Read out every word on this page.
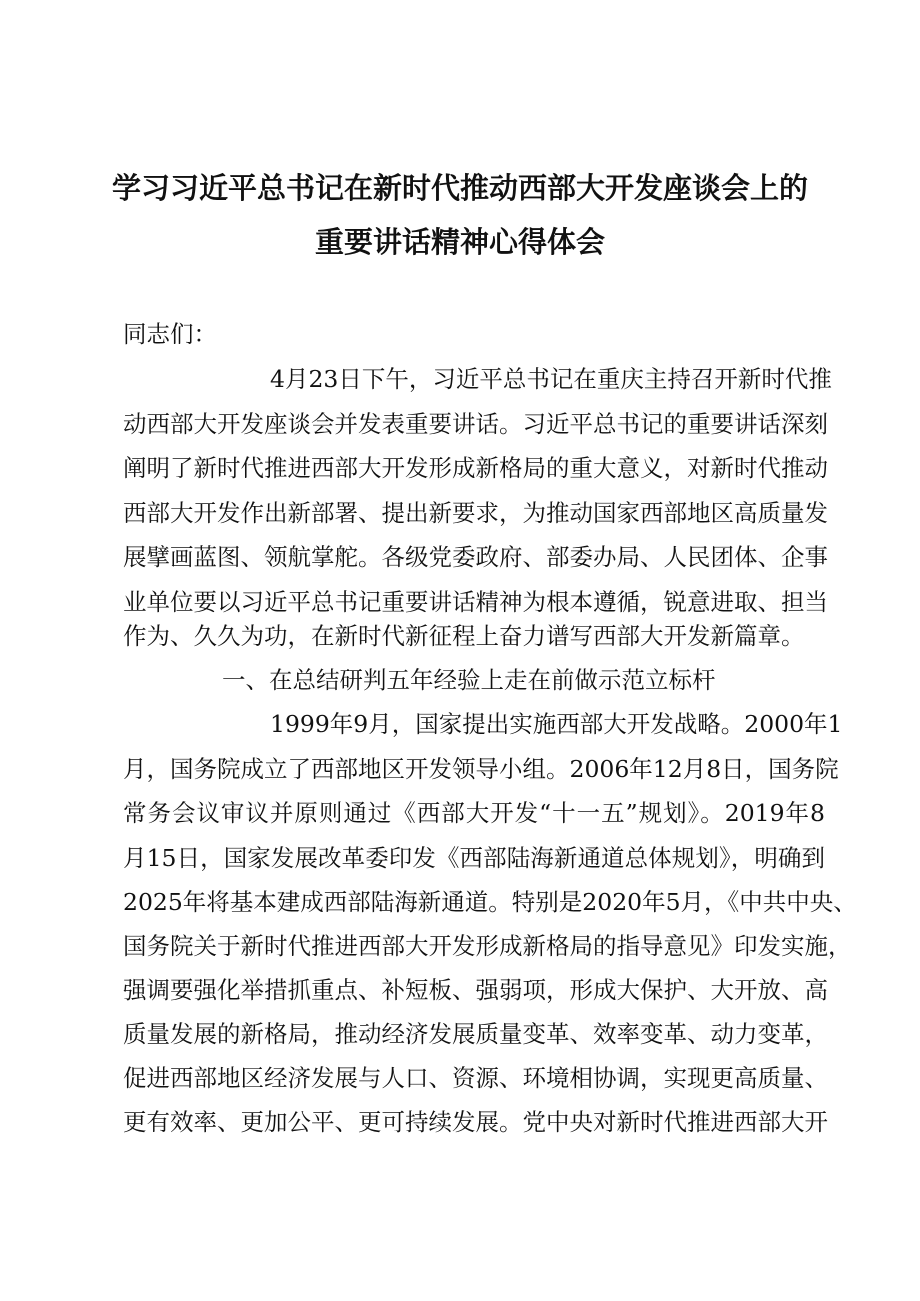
学习习近平总书记在新时代推动西部大开发座谈会上的
重要讲话精神心得体会
同志们：
4月23日下午，习近平总书记在重庆主持召开新时代推
动西部大开发座谈会并发表重要讲话。习近平总书记的重要讲话深刻
阐明了新时代推进西部大开发形成新格局的重大意义，对新时代推动
西部大开发作出新部署、提出新要求，为推动国家西部地区高质量发
展擘画蓝图、领航掌舵。各级党委政府、部委办局、人民团体、企事
业单位要以习近平总书记重要讲话精神为根本遵循，锐意进取、担当
作为、久久为功，在新时代新征程上奋力谱写西部大开发新篇章。
一、在总结研判五年经验上走在前做示范立标杆
1999年9月，国家提出实施西部大开发战略。2000年1
月，国务院成立了西部地区开发领导小组。2006年12月8日，国务院
常务会议审议并原则通过《西部大开发“十一五”规划》。2019年8
月15日，国家发展改革委印发《西部陆海新通道总体规划》，明确到
2025年将基本建成西部陆海新通道。特别是2020年5月，《中共中央、
国务院关于新时代推进西部大开发形成新格局的指导意见》印发实施，
强调要强化举措抓重点、补短板、强弱项，形成大保护、大开放、高
质量发展的新格局，推动经济发展质量变革、效率变革、动力变革，
促进西部地区经济发展与人口、资源、环境相协调，实现更高质量、
更有效率、更加公平、更可持续发展。党中央对新时代推进西部大开
